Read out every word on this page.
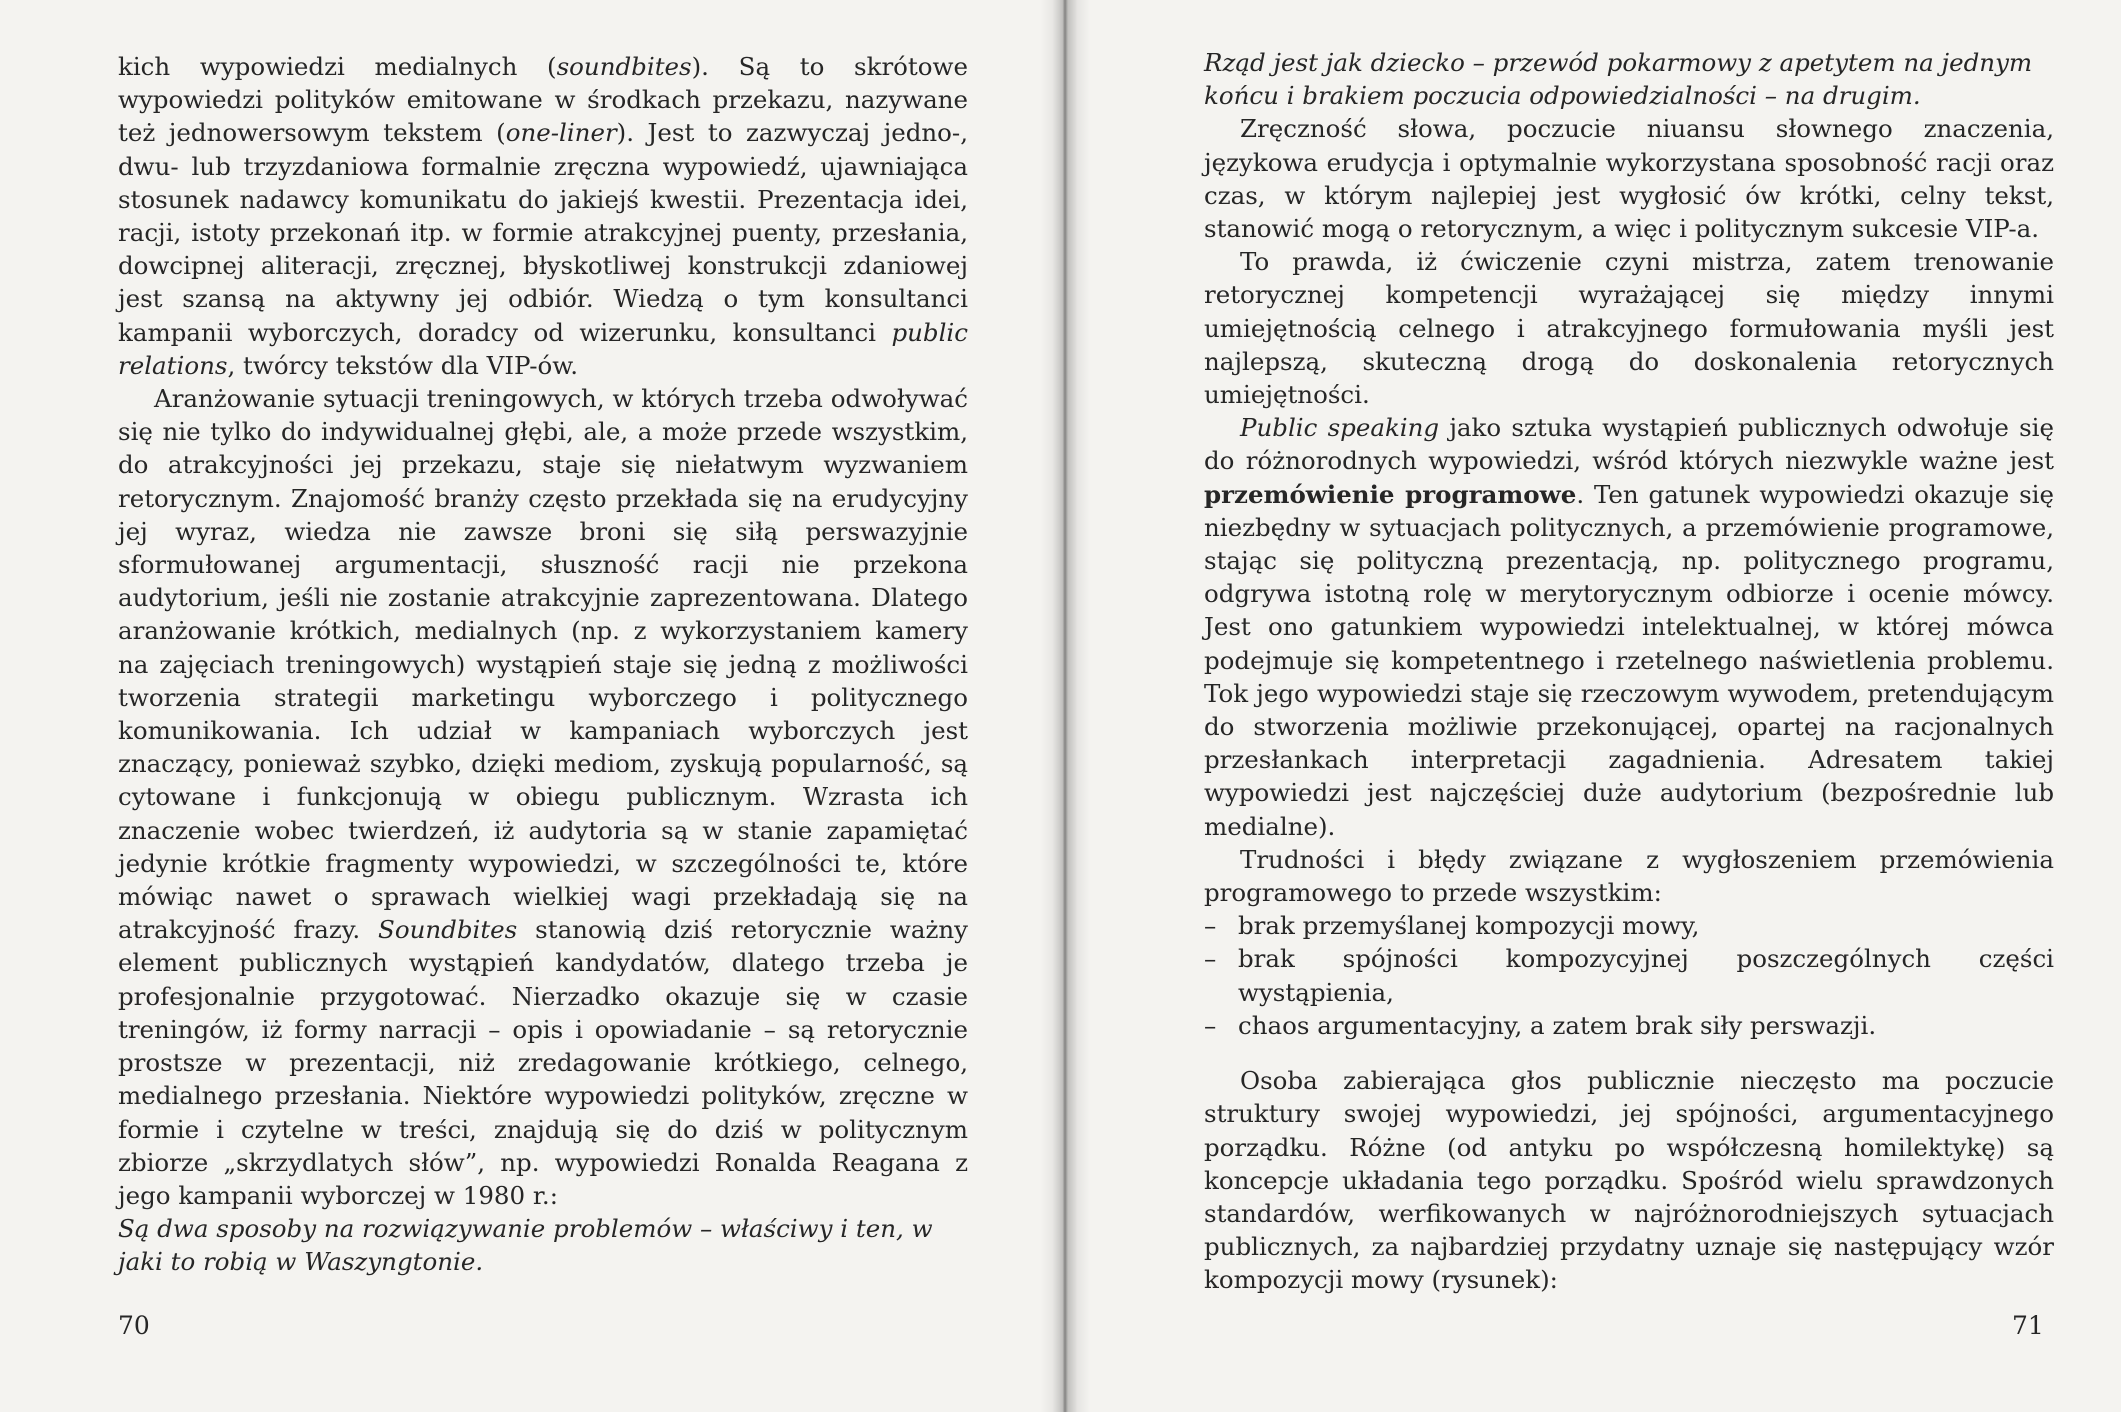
kich wypowiedzi medialnych (soundbites). Są to skrótowe wypowiedzi polityków emitowane w środkach przekazu, nazywane też jednowersowym tekstem (one-liner). Jest to zazwyczaj jedno-, dwu- lub trzyzdaniowa formalnie zręczna wypowiedź, ujawniająca stosunek nadawcy komunikatu do jakiejś kwestii. Prezentacja idei, racji, istoty przekonań itp. w formie atrakcyjnej puenty, przesłania, dowcipnej aliteracji, zręcznej, błyskotliwej konstrukcji zdaniowej jest szansą na aktywny jej odbiór. Wiedzą o tym konsultanci kampanii wyborczych, doradcy od wizerunku, konsultanci public relations, twórcy tekstów dla VIP-ów.

Aranżowanie sytuacji treningowych, w których trzeba odwoływać się nie tylko do indywidualnej głębi, ale, a może przede wszystkim, do atrakcyjności jej przekazu, staje się niełatwym wyzwaniem retorycznym. Znajomość branży często przekłada się na erudycyjny jej wyraz, wiedza nie zawsze broni się siłą perswazyjnie sformułowanej argumentacji, słuszność racji nie przekona audytorium, jeśli nie zostanie atrakcyjnie zaprezentowana. Dlatego aranżowanie krótkich, medialnych (np. z wykorzystaniem kamery na zajęciach treningowych) wystąpień staje się jedną z możliwości tworzenia strategii marketingu wyborczego i politycznego komunikowania. Ich udział w kampaniach wyborczych jest znaczący, ponieważ szybko, dzięki mediom, zyskują popularność, są cytowane i funkcjonują w obiegu publicznym. Wzrasta ich znaczenie wobec twierdzeń, iż audytoria są w stanie zapamiętać jedynie krótkie fragmenty wypowiedzi, w szczególności te, które mówiąc nawet o sprawach wielkiej wagi przekładają się na atrakcyjność frazy. Soundbites stanowią dziś retorycznie ważny element publicznych wystąpień kandydatów, dlatego trzeba je profesjonalnie przygotować. Nierzadko okazuje się w czasie treningów, iż formy narracji – opis i opowiadanie – są retorycznie prostsze w prezentacji, niż zredagowanie krótkiego, celnego, medialnego przesłania. Niektóre wypowiedzi polityków, zręczne w formie i czytelne w treści, znajdują się do dziś w politycznym zbiorze „skrzydlatych słów”, np. wypowiedzi Ronalda Reagana z jego kampanii wyborczej w 1980 r.:

Są dwa sposoby na rozwiązywanie problemów – właściwy i ten, w jaki to robią w Waszyngtonie.

70

Rząd jest jak dziecko – przewód pokarmowy z apetytem na jednym końcu i brakiem poczucia odpowiedzialności – na drugim.

Zręczność słowa, poczucie niuansu słownego znaczenia, językowa erudycja i optymalnie wykorzystana sposobność racji oraz czas, w którym najlepiej jest wygłosić ów krótki, celny tekst, stanowić mogą o retorycznym, a więc i politycznym sukcesie VIP-a.

To prawda, iż ćwiczenie czyni mistrza, zatem trenowanie retorycznej kompetencji wyrażającej się między innymi umiejętnością celnego i atrakcyjnego formułowania myśli jest najlepszą, skuteczną drogą do doskonalenia retorycznych umiejętności.

Public speaking jako sztuka wystąpień publicznych odwołuje się do różnorodnych wypowiedzi, wśród których niezwykle ważne jest przemówienie programowe. Ten gatunek wypowiedzi okazuje się niezbędny w sytuacjach politycznych, a przemówienie programowe, stając się polityczną prezentacją, np. politycznego programu, odgrywa istotną rolę w merytorycznym odbiorze i ocenie mówcy. Jest ono gatunkiem wypowiedzi intelektualnej, w której mówca podejmuje się kompetentnego i rzetelnego naświetlenia problemu. Tok jego wypowiedzi staje się rzeczowym wywodem, pretendującym do stworzenia możliwie przekonującej, opartej na racjonalnych przesłankach interpretacji zagadnienia. Adresatem takiej wypowiedzi jest najczęściej duże audytorium (bezpośrednie lub medialne).

Trudności i błędy związane z wygłoszeniem przemówienia programowego to przede wszystkim:

– brak przemyślanej kompozycji mowy,
– brak spójności kompozycyjnej poszczególnych części wystąpienia,
– chaos argumentacyjny, a zatem brak siły perswazji.

Osoba zabierająca głos publicznie nieczęsto ma poczucie struktury swojej wypowiedzi, jej spójności, argumentacyjnego porządku. Różne (od antyku po współczesną homilektykę) są koncepcje układania tego porządku. Spośród wielu sprawdzonych standardów, werfikowanych w najróżnorodniejszych sytuacjach publicznych, za najbardziej przydatny uznaje się następujący wzór kompozycji mowy (rysunek):

71
